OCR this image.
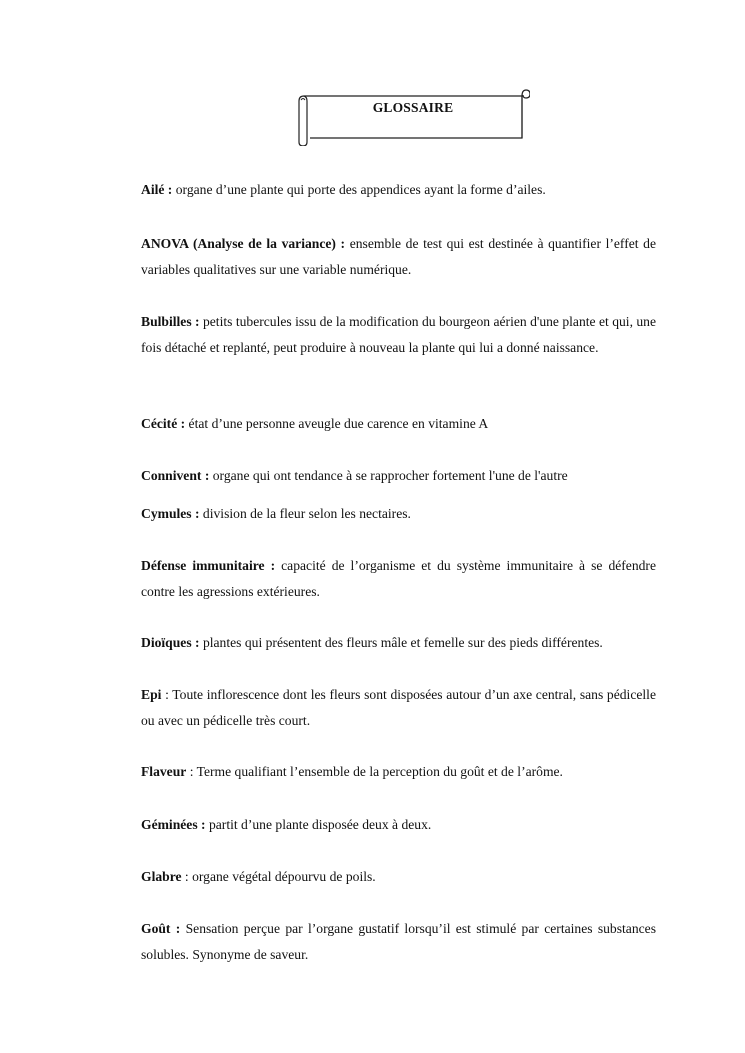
GLOSSAIRE
Ailé : organe d’une plante qui porte des appendices ayant la forme d’ailes.
ANOVA (Analyse de la variance) : ensemble de test qui est destinée à quantifier l’effet de variables qualitatives sur une variable numérique.
Bulbilles : petits tubercules issu de la modification du bourgeon aérien d'une plante et qui, une fois détaché et replanté, peut produire à nouveau la plante qui lui a donné naissance.
Cécité : état d’une personne aveugle due carence en vitamine A
Connivent : organe qui ont tendance à se rapprocher fortement l'une de l'autre
Cymules : division de la fleur selon les nectaires.
Défense immunitaire : capacité de l’organisme et du système immunitaire à se défendre contre les agressions extérieures.
Dioïques : plantes qui présentent des fleurs mâle et femelle sur des pieds différentes.
Epi : Toute inflorescence dont les fleurs sont disposées autour d’un axe central, sans pédicelle ou avec un pédicelle très court.
Flaveur : Terme qualifiant l’ensemble de la perception du goût et de l’arôme.
Géminées : partit d’une plante disposée deux à deux.
Glabre : organe végétal dépourvu de poils.
Goût : Sensation perçue par l’organe gustatif lorsqu’il est stimulé par certaines substances solubles. Synonyme de saveur.
